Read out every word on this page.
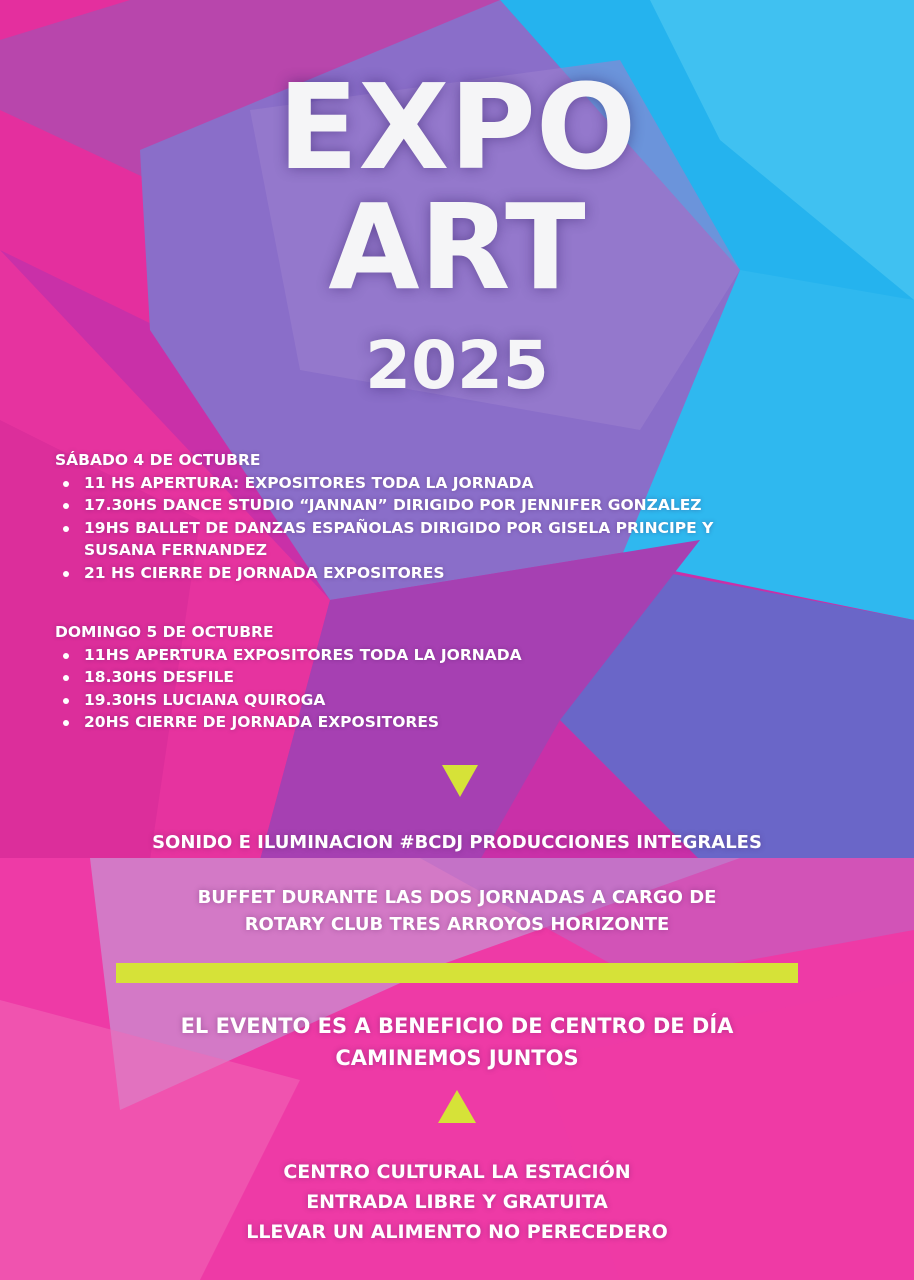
EXPO
ART
2025
SÁBADO 4 DE OCTUBRE
11 HS APERTURA: EXPOSITORES TODA LA JORNADA
17.30HS DANCE STUDIO “JANNAN” DIRIGIDO POR JENNIFER GONZALEZ
19HS BALLET DE DANZAS ESPAÑOLAS DIRIGIDO POR GISELA PRINCIPE Y SUSANA FERNANDEZ
21 HS CIERRE DE JORNADA EXPOSITORES
DOMINGO 5 DE OCTUBRE
11HS APERTURA EXPOSITORES TODA LA JORNADA
18.30HS DESFILE
19.30HS LUCIANA QUIROGA
20HS CIERRE DE JORNADA EXPOSITORES
SONIDO E ILUMINACION #BCDJ PRODUCCIONES INTEGRALES
BUFFET DURANTE LAS DOS JORNADAS A CARGO DE
ROTARY CLUB TRES ARROYOS HORIZONTE
EL EVENTO ES A BENEFICIO DE CENTRO DE DÍA
CAMINEMOS JUNTOS
CENTRO CULTURAL LA ESTACIÓN
ENTRADA LIBRE Y GRATUITA
LLEVAR UN ALIMENTO NO PERECEDERO
